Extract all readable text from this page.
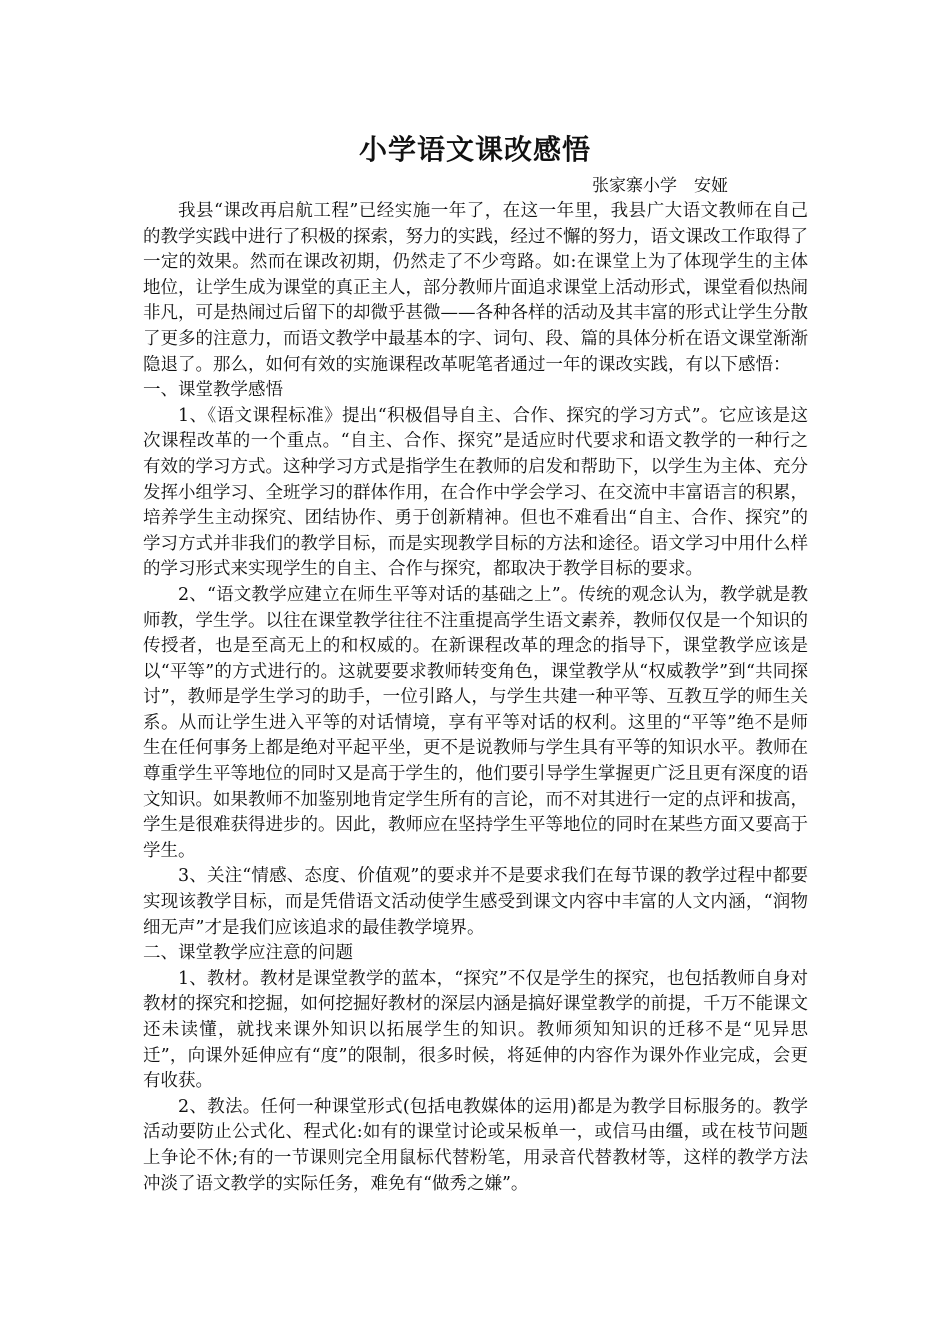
小学语文课改感悟
张家寨小学　安娅

我县“课改再启航工程”已经实施一年了，在这一年里，我县广大语文教师在自己的教学实践中进行了积极的探索，努力的实践，经过不懈的努力，语文课改工作取得了一定的效果。然而在课改初期，仍然走了不少弯路。如:在课堂上为了体现学生的主体地位，让学生成为课堂的真正主人，部分教师片面追求课堂上活动形式，课堂看似热闹非凡，可是热闹过后留下的却微乎甚微——各种各样的活动及其丰富的形式让学生分散了更多的注意力，而语文教学中最基本的字、词句、段、篇的具体分析在语文课堂渐渐隐退了。那么，如何有效的实施课程改革呢笔者通过一年的课改实践，有以下感悟：

一、课堂教学感悟

1、《语文课程标准》提出“积极倡导自主、合作、探究的学习方式”。它应该是这次课程改革的一个重点。“自主、合作、探究”是适应时代要求和语文教学的一种行之有效的学习方式。这种学习方式是指学生在教师的启发和帮助下，以学生为主体、充分发挥小组学习、全班学习的群体作用，在合作中学会学习、在交流中丰富语言的积累，培养学生主动探究、团结协作、勇于创新精神。但也不难看出“自主、合作、探究”的学习方式并非我们的教学目标，而是实现教学目标的方法和途径。语文学习中用什么样的学习形式来实现学生的自主、合作与探究，都取决于教学目标的要求。

2、“语文教学应建立在师生平等对话的基础之上”。传统的观念认为，教学就是教师教，学生学。以往在课堂教学往往不注重提高学生语文素养，教师仅仅是一个知识的传授者，也是至高无上的和权威的。在新课程改革的理念的指导下，课堂教学应该是以“平等”的方式进行的。这就要要求教师转变角色，课堂教学从“权威教学”到“共同探讨”，教师是学生学习的助手，一位引路人，与学生共建一种平等、互教互学的师生关系。从而让学生进入平等的对话情境，享有平等对话的权利。这里的“平等”绝不是师生在任何事务上都是绝对平起平坐，更不是说教师与学生具有平等的知识水平。教师在尊重学生平等地位的同时又是高于学生的，他们要引导学生掌握更广泛且更有深度的语文知识。如果教师不加鉴别地肯定学生所有的言论，而不对其进行一定的点评和拔高，学生是很难获得进步的。因此，教师应在坚持学生平等地位的同时在某些方面又要高于学生。

3、关注“情感、态度、价值观”的要求并不是要求我们在每节课的教学过程中都要实现该教学目标，而是凭借语文活动使学生感受到课文内容中丰富的人文内涵，“润物细无声”才是我们应该追求的最佳教学境界。

二、课堂教学应注意的问题

1、教材。教材是课堂教学的蓝本，“探究”不仅是学生的探究，也包括教师自身对教材的探究和挖掘，如何挖掘好教材的深层内涵是搞好课堂教学的前提，千万不能课文还未读懂，就找来课外知识以拓展学生的知识。教师须知知识的迁移不是“见异思迁”，向课外延伸应有“度”的限制，很多时候，将延伸的内容作为课外作业完成，会更有收获。

2、教法。任何一种课堂形式(包括电教媒体的运用)都是为教学目标服务的。教学活动要防止公式化、程式化:如有的课堂讨论或呆板单一，或信马由缰，或在枝节问题上争论不休;有的一节课则完全用鼠标代替粉笔，用录音代替教材等，这样的教学方法冲淡了语文教学的实际任务，难免有“做秀之嫌”。
